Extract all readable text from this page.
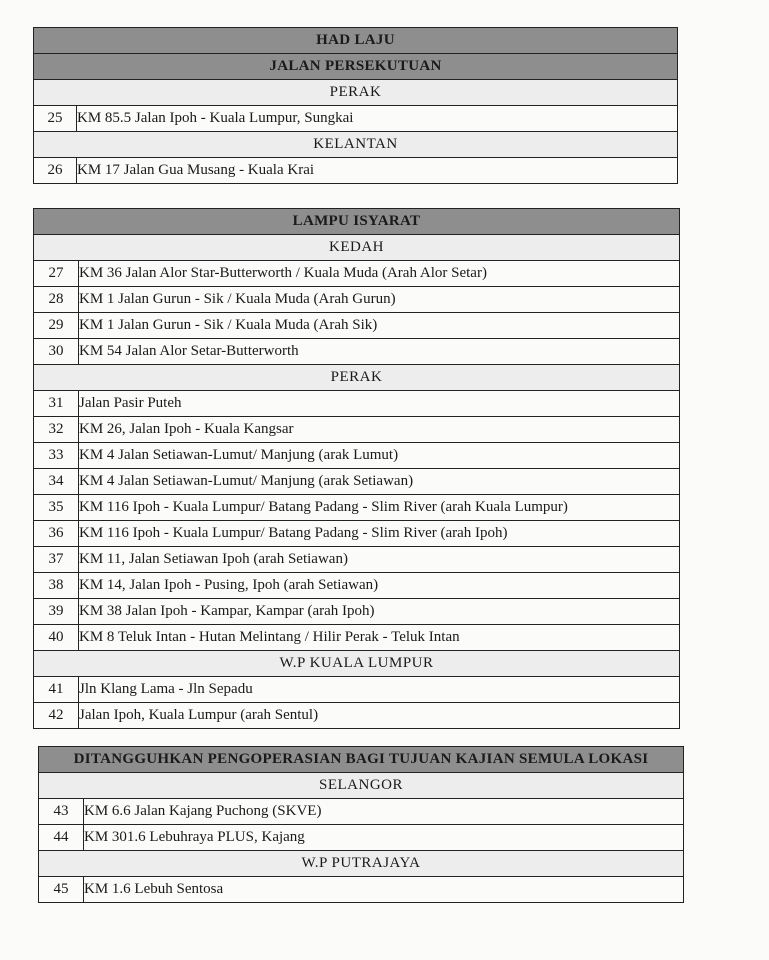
HAD LAJU	
JALAN PERSEKUTUAN	
PERAK	
25	KM 85.5 Jalan Ipoh - Kuala Lumpur, Sungkai
KELANTAN	
26	KM 17 Jalan Gua Musang - Kuala Krai
LAMPU ISYARAT	
KEDAH	
27	KM 36 Jalan Alor Star-Butterworth / Kuala Muda (Arah Alor Setar)
28	KM 1 Jalan Gurun - Sik / Kuala Muda (Arah Gurun)
29	KM 1 Jalan Gurun - Sik / Kuala Muda (Arah Sik)
30	KM 54 Jalan Alor Setar-Butterworth
PERAK	
31	Jalan Pasir Puteh
32	KM 26, Jalan Ipoh - Kuala Kangsar
33	KM 4 Jalan Setiawan-Lumut/ Manjung (arak Lumut)
34	KM 4 Jalan Setiawan-Lumut/ Manjung (arak Setiawan)
35	KM 116 Ipoh - Kuala Lumpur/ Batang Padang - Slim River (arah Kuala Lumpur)
36	KM 116 Ipoh - Kuala Lumpur/ Batang Padang - Slim River (arah Ipoh)
37	KM 11, Jalan Setiawan Ipoh (arah Setiawan)
38	KM 14, Jalan Ipoh - Pusing, Ipoh (arah Setiawan)
39	KM 38 Jalan Ipoh - Kampar, Kampar (arah Ipoh)
40	KM 8 Teluk Intan - Hutan Melintang / Hilir Perak - Teluk Intan
W.P KUALA LUMPUR	
41	Jln Klang Lama - Jln Sepadu
42	Jalan Ipoh, Kuala Lumpur (arah Sentul)
DITANGGUHKAN PENGOPERASIAN BAGI TUJUAN KAJIAN SEMULA LOKASI	
SELANGOR	
43	KM 6.6 Jalan Kajang Puchong (SKVE)
44	KM 301.6 Lebuhraya PLUS, Kajang
W.P PUTRAJAYA	
45	KM 1.6 Lebuh Sentosa
